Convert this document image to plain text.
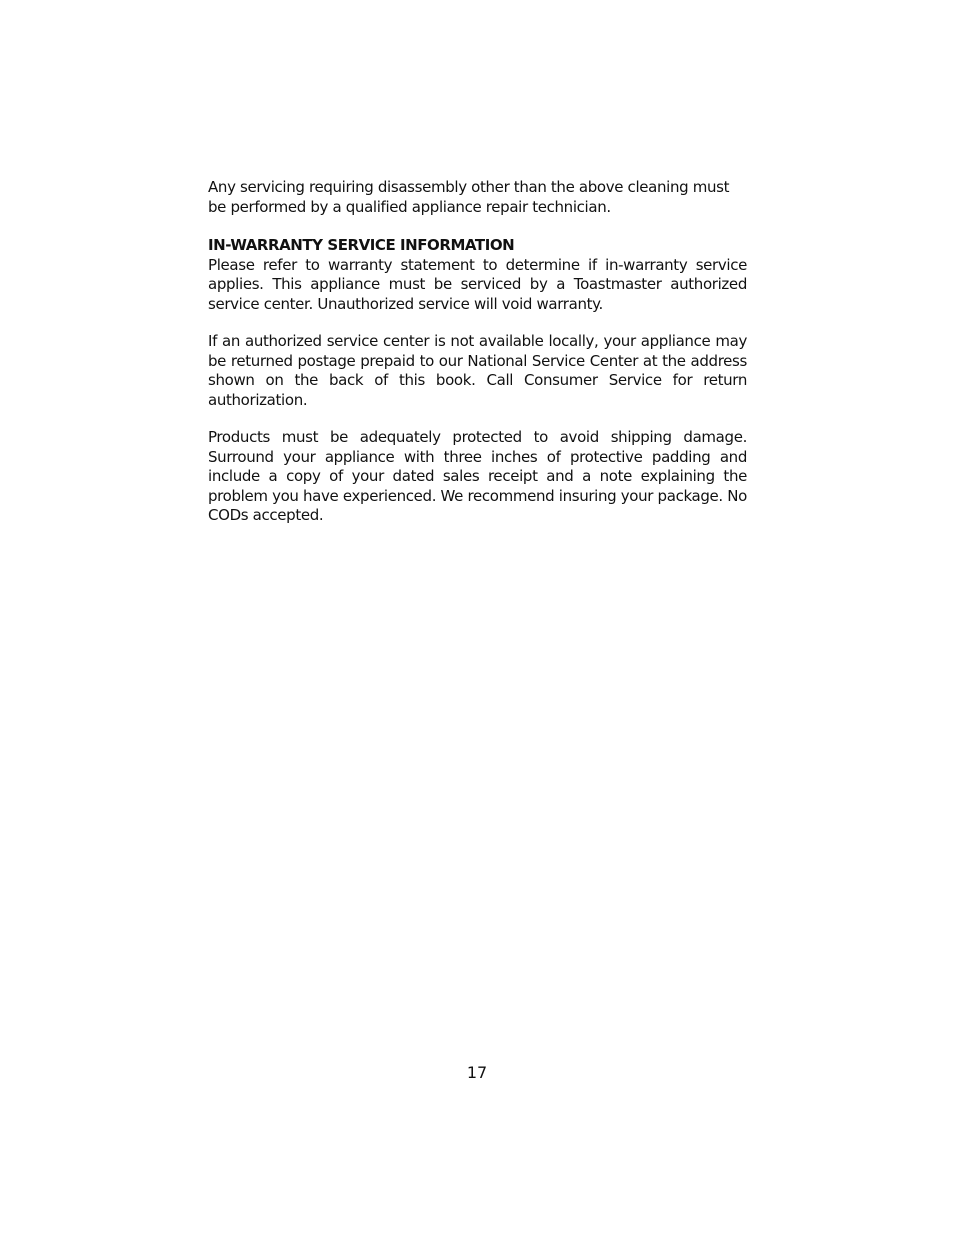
Any servicing requiring disassembly other than the above cleaning must be performed by a qualified appliance repair technician.

IN-WARRANTY SERVICE INFORMATION

Please refer to warranty statement to determine if in-warranty service applies. This appliance must be serviced by a Toastmaster authorized service center. Unauthorized service will void warranty.

If an authorized service center is not available locally, your appliance may be returned postage prepaid to our National Service Center at the address shown on the back of this book. Call Consumer Service for return authorization.

Products must be adequately protected to avoid shipping damage. Surround your appliance with three inches of protective padding and include a copy of your dated sales receipt and a note explaining the problem you have experienced. We recommend insuring your package. No CODs accepted.

17
